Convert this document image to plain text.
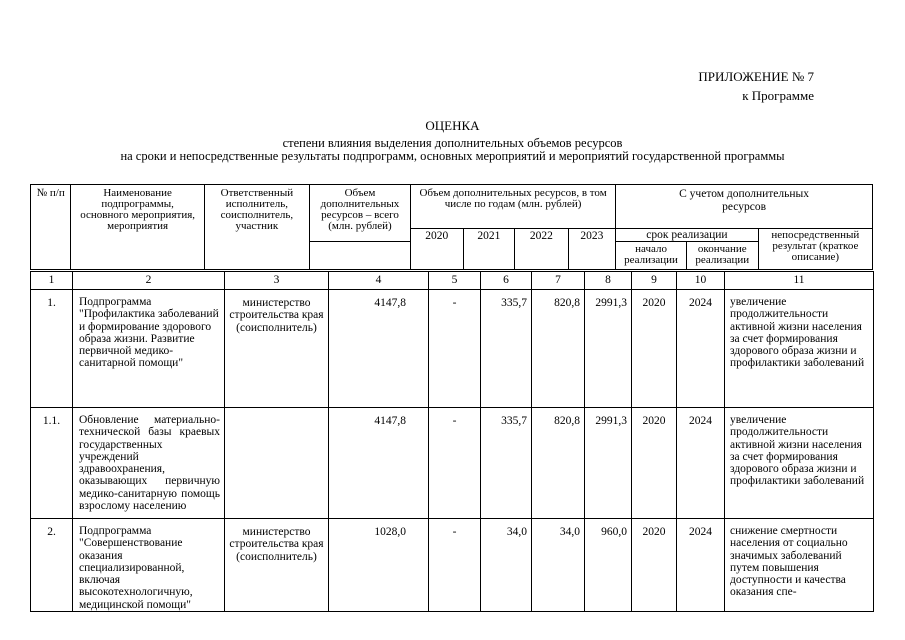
ПРИЛОЖЕНИЕ № 7
к Программе
ОЦЕНКА
степени влияния выделения дополнительных объемов ресурсов
на сроки и непосредственные результаты подпрограмм, основных мероприятий и мероприятий государственной программы
№ п/п	Наименование подпрограммы, основного мероприятия, мероприятия	Ответственный исполнитель, соисполнитель, участник	Объем дополнительных ресурсов – всего (млн. рублей)	Объем дополнительных ресурсов, в том числе по годам (млн. рублей)				С учетом дополнительных ресурсов		
				2020	2021	2022	2023	срок реализации		непосредственный результат (краткое описание)
								начало реализации	окончание реализации	
1	2	3	4	5	6	7	8	9	10	11
1.	Подпрограмма "Профилактика заболеваний и формирование здорового образа жизни. Развитие первичной медико-санитарной помощи"	министерство строительства края (соисполнитель)	4147,8	-	335,7	820,8	2991,3	2020	2024	увеличение продолжительности активной жизни населения за счет формирования здорового образа жизни и профилактики заболеваний
1.1.	Обновление материально-технической базы краевых государственных учреждений здравоохранения, оказывающих первичную медико-санитарную помощь взрослому населению		4147,8	-	335,7	820,8	2991,3	2020	2024	увеличение продолжительности активной жизни населения за счет формирования здорового образа жизни и профилактики заболеваний
2.	Подпрограмма "Совершенствование оказания специализированной, включая высокотехнологичную, медицинской помощи"	министерство строительства края (соисполнитель)	1028,0	-	34,0	34,0	960,0	2020	2024	снижение смертности населения от социально значимых заболеваний путем повышения доступности и качества оказания спе-
